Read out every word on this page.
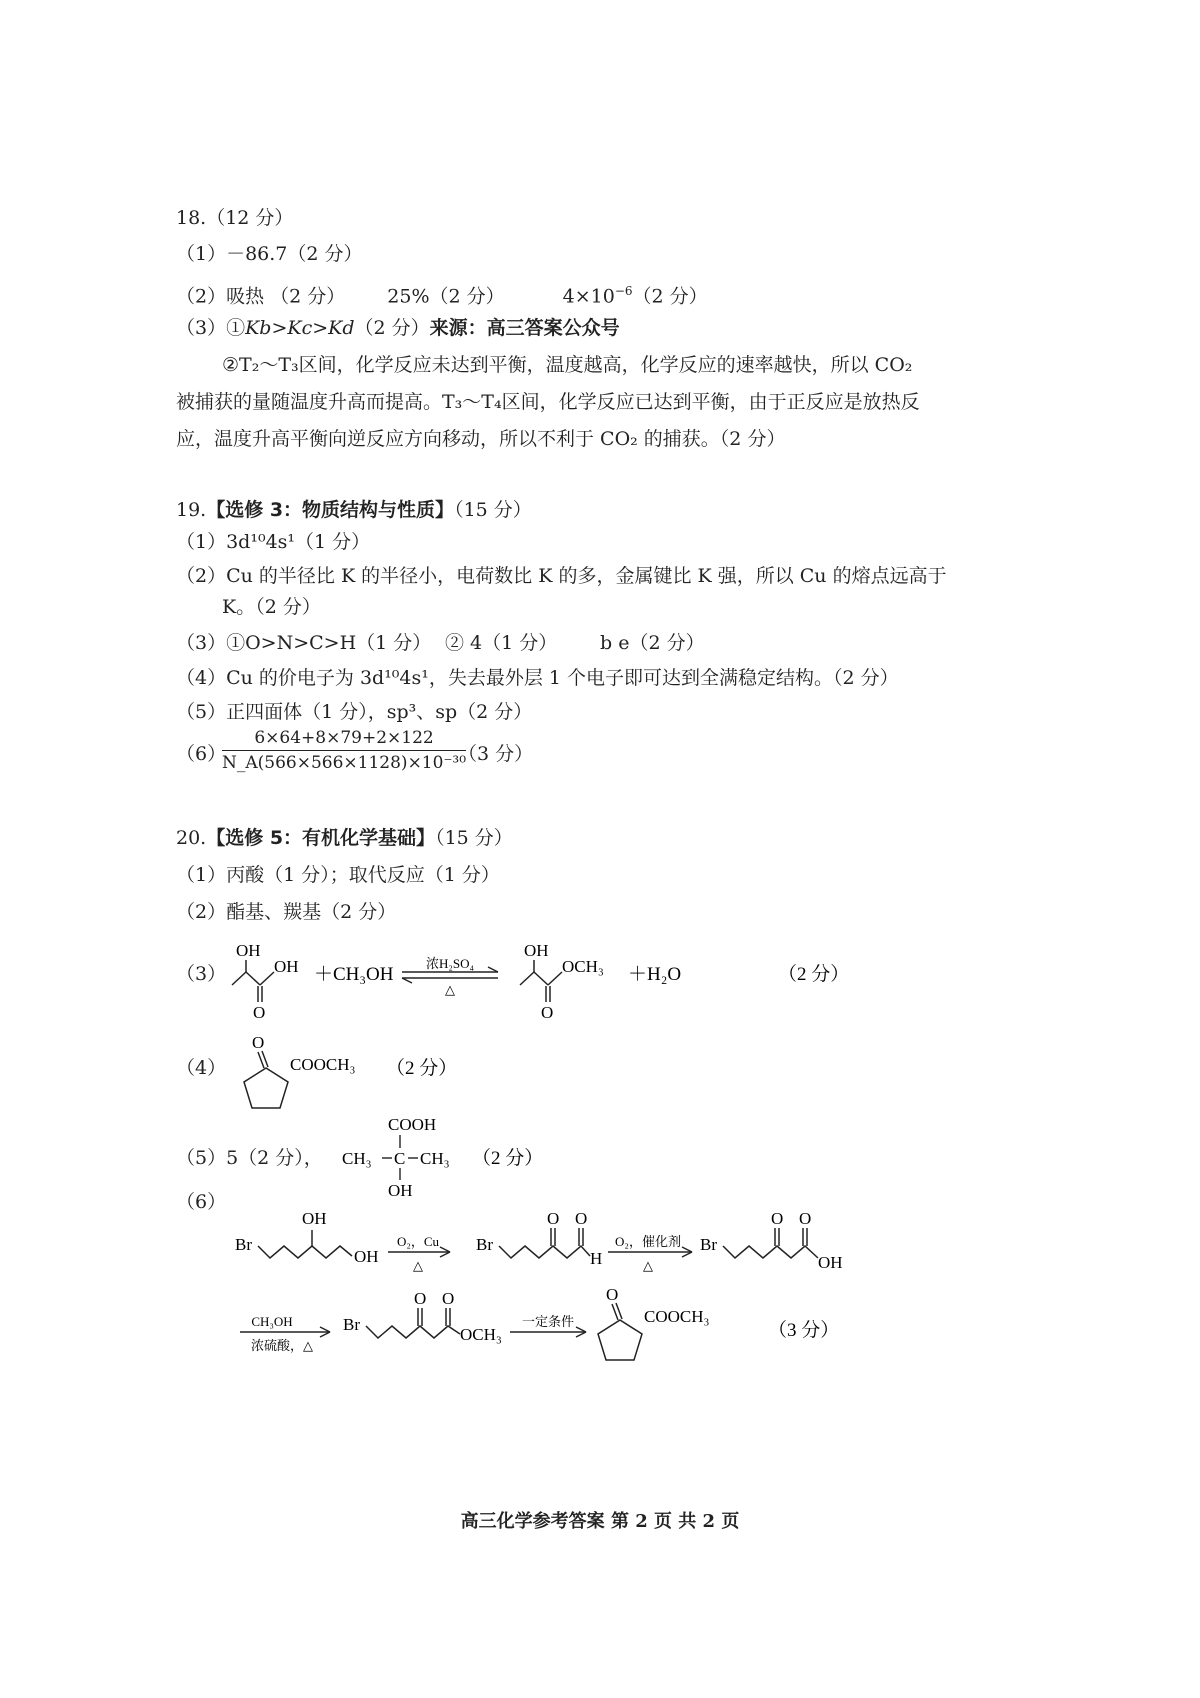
18.（12 分）
（1）－86.7（2 分）
（2）吸热 （2 分） 25%（2 分）	$4\times 10^{-6}(2$ 分）
（3）①Kb>Kc>Kd（2 分）来源：高三答案公众号
②T₂～T₃区间，化学反应未达到平衡，温度越高，化学反应的速率越快，所以 CO₂
被捕获的量随温度升高而提高。T₃～T₄区间，化学反应已达到平衡，由于正反应是放热反
应，温度升高平衡向逆反应方向移动，所以不利于 CO₂ 的捕获。（2 分）
19.【选修 3：物质结构与性质】（15 分）
（1）3d¹⁰4s¹（1 分）
（2）Cu 的半径比 K 的半径小，电荷数比 K 的多，金属键比 K 强，所以 Cu 的熔点远高于
K。（2 分）
（3）①O>N>C>H（1 分） ② 4（1 分） b e（2 分）
（4）Cu 的价电子为 3d¹⁰4s¹，失去最外层 1 个电子即可达到全满稳定结构。（2 分）
（5）正四面体（1 分），sp³、sp（2 分）
（6）
$\frac{6\times 64+8\times 79+2\times 122}{\text{N\_A(566×566×1128)×10⁻³⁰}}$
（3 分）
20.【选修 5：有机化学基础】（15 分）
（1）丙酸（1 分）；取代反应（1 分）
（2）酯基、羰基（2 分）
（3）
OH
OH
O
＋CH₃OH
浓H₂SO₄
△
OH
OCH₃
O
＋H₂O	（2 分）
（4）
O
COOCH₃ （2 分）
（5）5（2 分），
COOH
CH₃ C CH₃
OH
（2 分）
（6）
Br
OH
OH
O₂，Cu
△
Br
O O
H
O₂，催化剂
△
Br
O O
OH
CH₃OH
浓硫酸，△
Br
O O
OCH₃
一定条件
O
COOCH₃
（3 分）
高三化学参考答案 第 2 页 共 2 页
